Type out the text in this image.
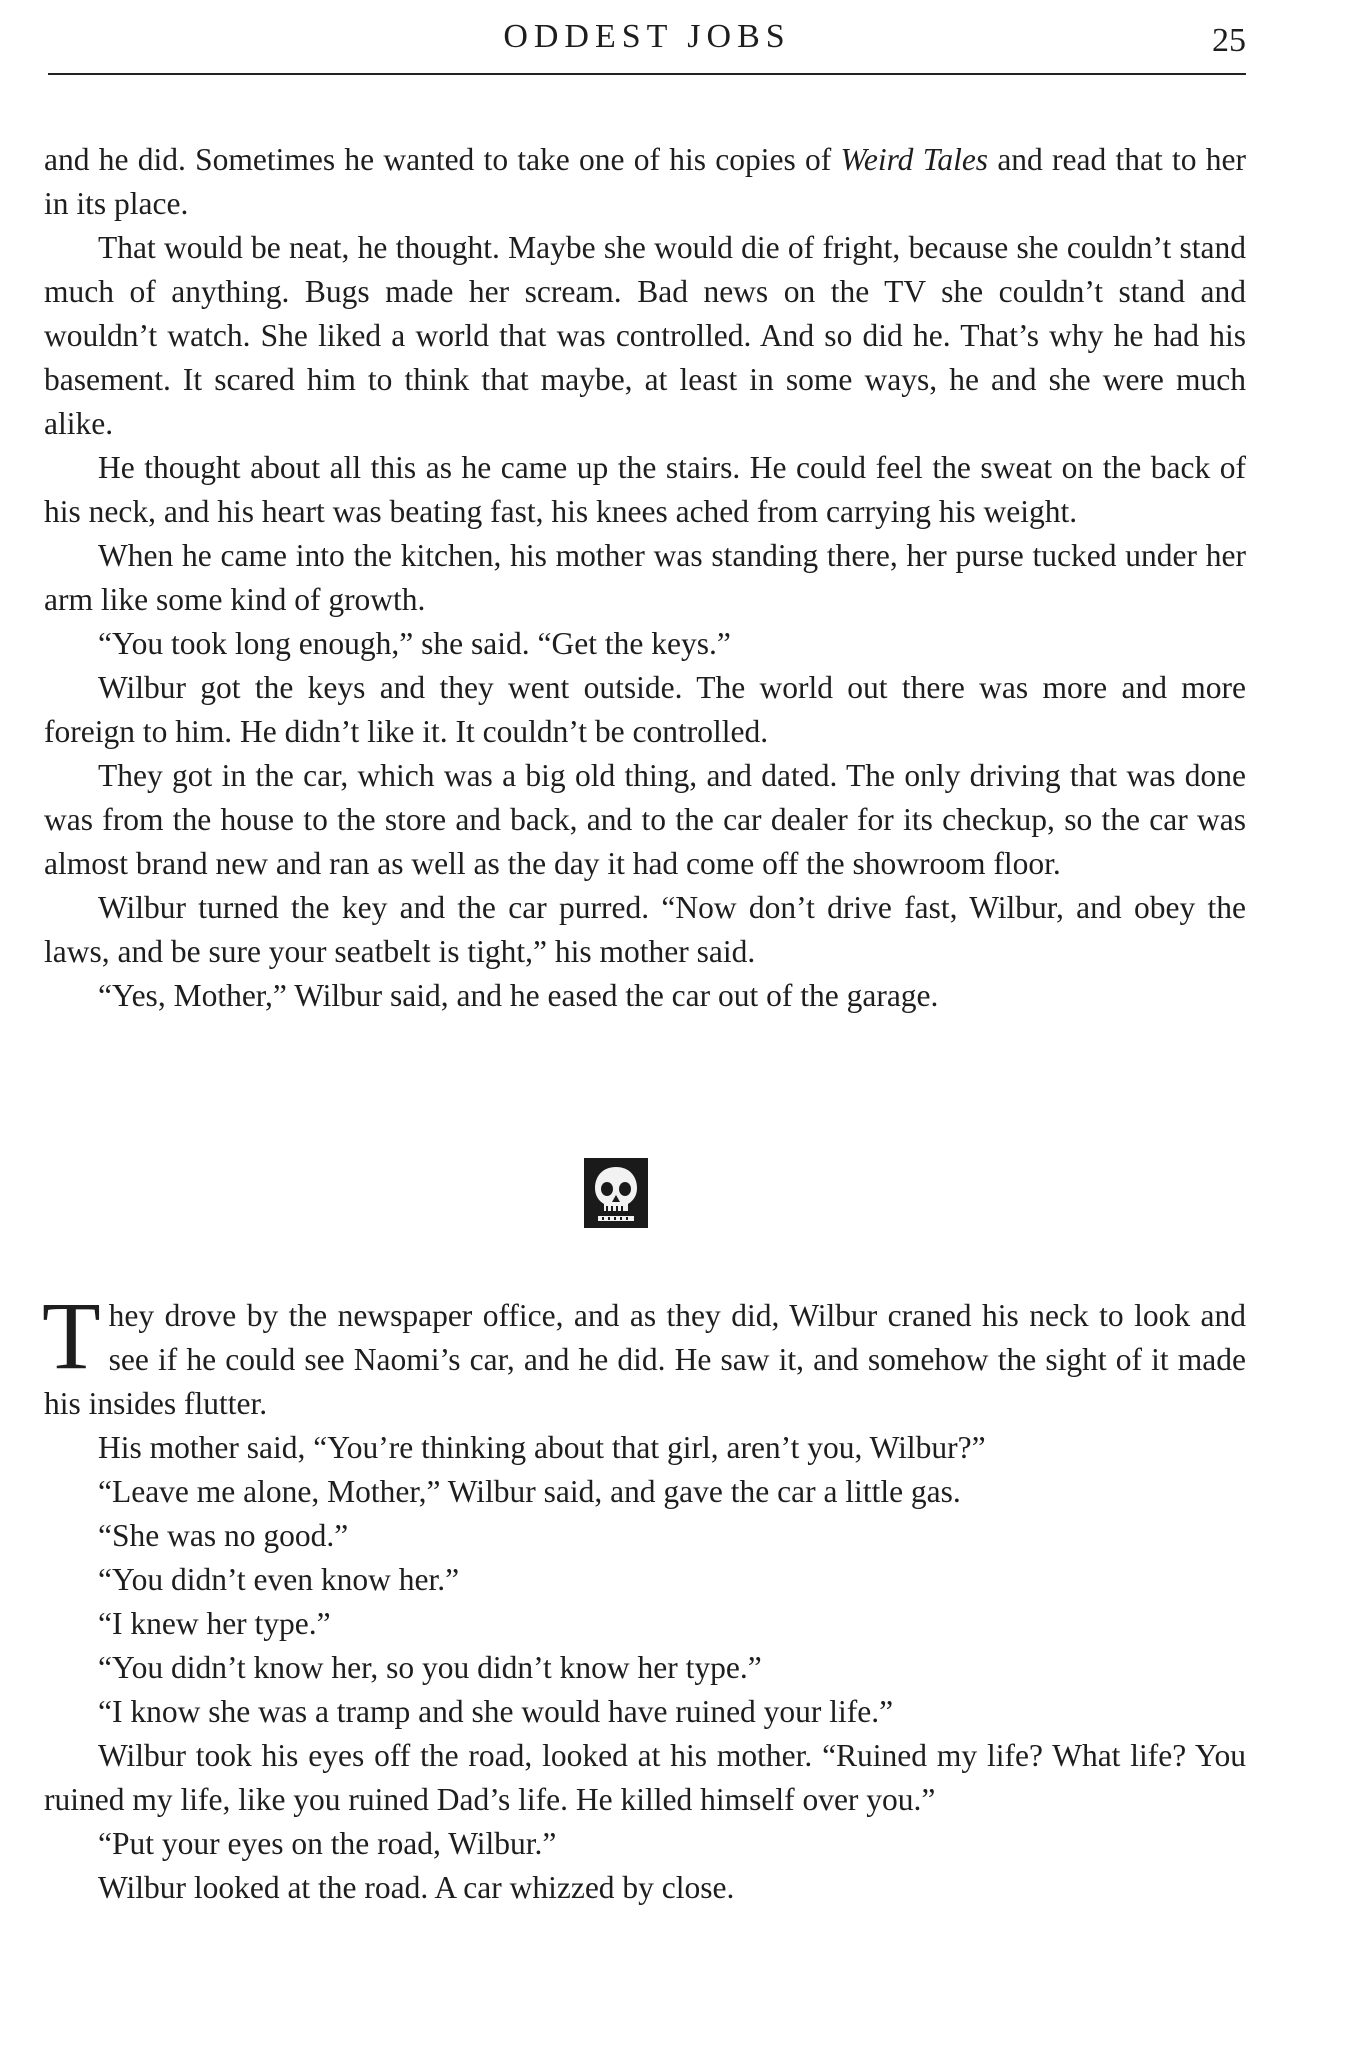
ODDEST JOBS	25

and he did. Sometimes he wanted to take one of his copies of Weird Tales and read that to her in its place.

That would be neat, he thought. Maybe she would die of fright, because she couldn’t stand much of anything. Bugs made her scream. Bad news on the TV she couldn’t stand and wouldn’t watch. She liked a world that was controlled. And so did he. That’s why he had his basement. It scared him to think that maybe, at least in some ways, he and she were much alike.

He thought about all this as he came up the stairs. He could feel the sweat on the back of his neck, and his heart was beating fast, his knees ached from carrying his weight.

When he came into the kitchen, his mother was standing there, her purse tucked under her arm like some kind of growth.

“You took long enough,” she said. “Get the keys.”

Wilbur got the keys and they went outside. The world out there was more and more foreign to him. He didn’t like it. It couldn’t be controlled.

They got in the car, which was a big old thing, and dated. The only driving that was done was from the house to the store and back, and to the car dealer for its checkup, so the car was almost brand new and ran as well as the day it had come off the showroom floor.

Wilbur turned the key and the car purred. “Now don’t drive fast, Wilbur, and obey the laws, and be sure your seatbelt is tight,” his mother said.

“Yes, Mother,” Wilbur said, and he eased the car out of the garage.

They drove by the newspaper office, and as they did, Wilbur craned his neck to look and see if he could see Naomi’s car, and he did. He saw it, and somehow the sight of it made his insides flutter.

His mother said, “You’re thinking about that girl, aren’t you, Wilbur?”

“Leave me alone, Mother,” Wilbur said, and gave the car a little gas.

“She was no good.”

“You didn’t even know her.”

“I knew her type.”

“You didn’t know her, so you didn’t know her type.”

“I know she was a tramp and she would have ruined your life.”

Wilbur took his eyes off the road, looked at his mother. “Ruined my life? What life? You ruined my life, like you ruined Dad’s life. He killed himself over you.”

“Put your eyes on the road, Wilbur.”

Wilbur looked at the road. A car whizzed by close.
